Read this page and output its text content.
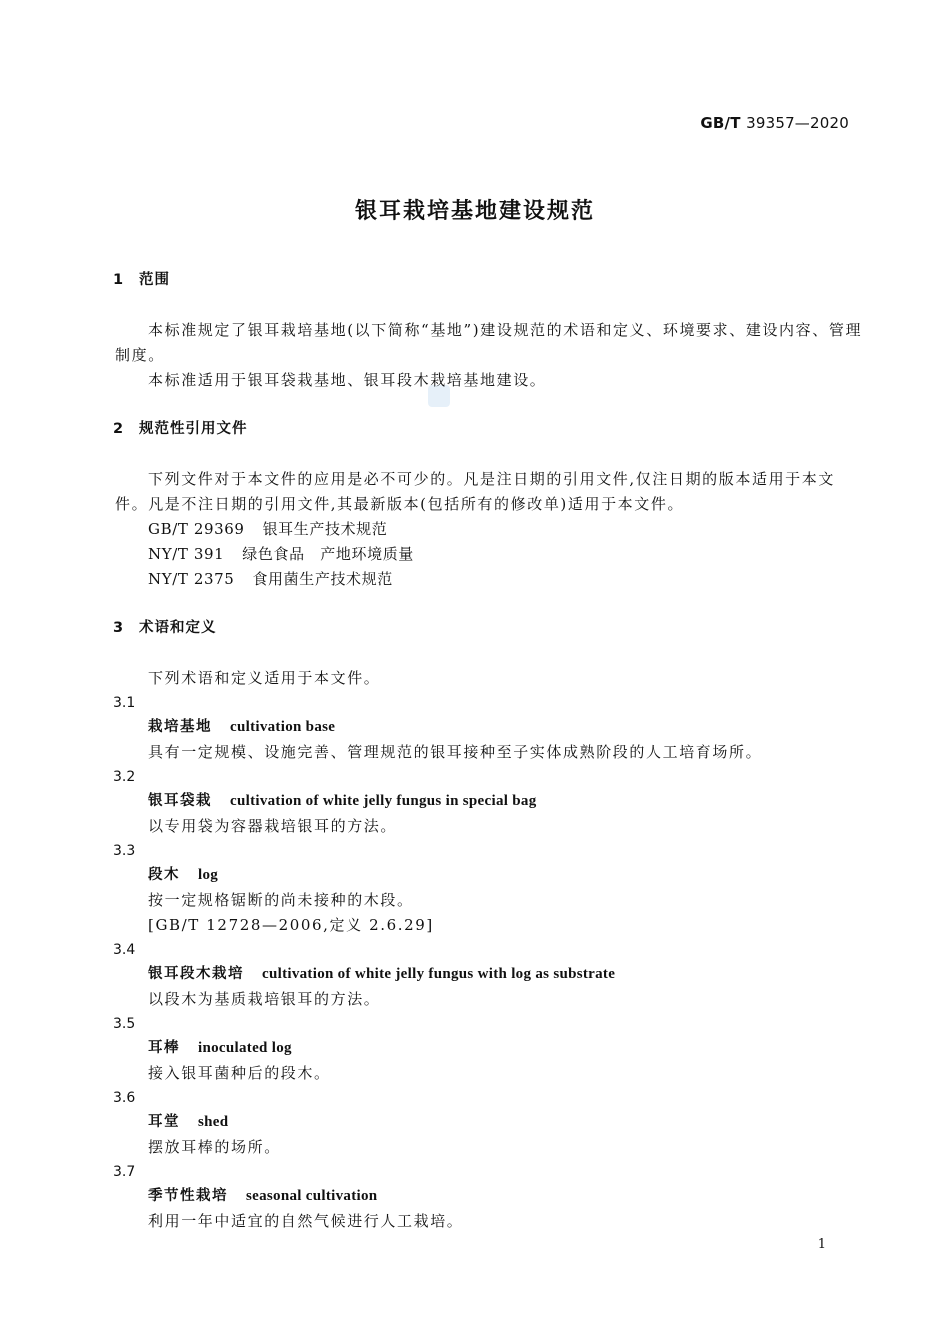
GB/T 39357—2020
银耳栽培基地建设规范
1 范围
本标准规定了银耳栽培基地(以下简称“基地”)建设规范的术语和定义、环境要求、建设内容、管理
制度。
本标准适用于银耳袋栽基地、银耳段木栽培基地建设。
2 规范性引用文件
下列文件对于本文件的应用是必不可少的。凡是注日期的引用文件,仅注日期的版本适用于本文
件。凡是不注日期的引用文件,其最新版本(包括所有的修改单)适用于本文件。
GB/T 29369 银耳生产技术规范
NY/T 391 绿色食品　产地环境质量
NY/T 2375 食用菌生产技术规范
3 术语和定义
下列术语和定义适用于本文件。
3.1
栽培基地 cultivation base
具有一定规模、设施完善、管理规范的银耳接种至子实体成熟阶段的人工培育场所。
3.2
银耳袋栽 cultivation of white jelly fungus in special bag
以专用袋为容器栽培银耳的方法。
3.3
段木 log
按一定规格锯断的尚未接种的木段。
[GB/T 12728—2006,定义 2.6.29]
3.4
银耳段木栽培 cultivation of white jelly fungus with log as substrate
以段木为基质栽培银耳的方法。
3.5
耳棒 inoculated log
接入银耳菌种后的段木。
3.6
耳堂 shed
摆放耳棒的场所。
3.7
季节性栽培 seasonal cultivation
利用一年中适宜的自然气候进行人工栽培。
1
